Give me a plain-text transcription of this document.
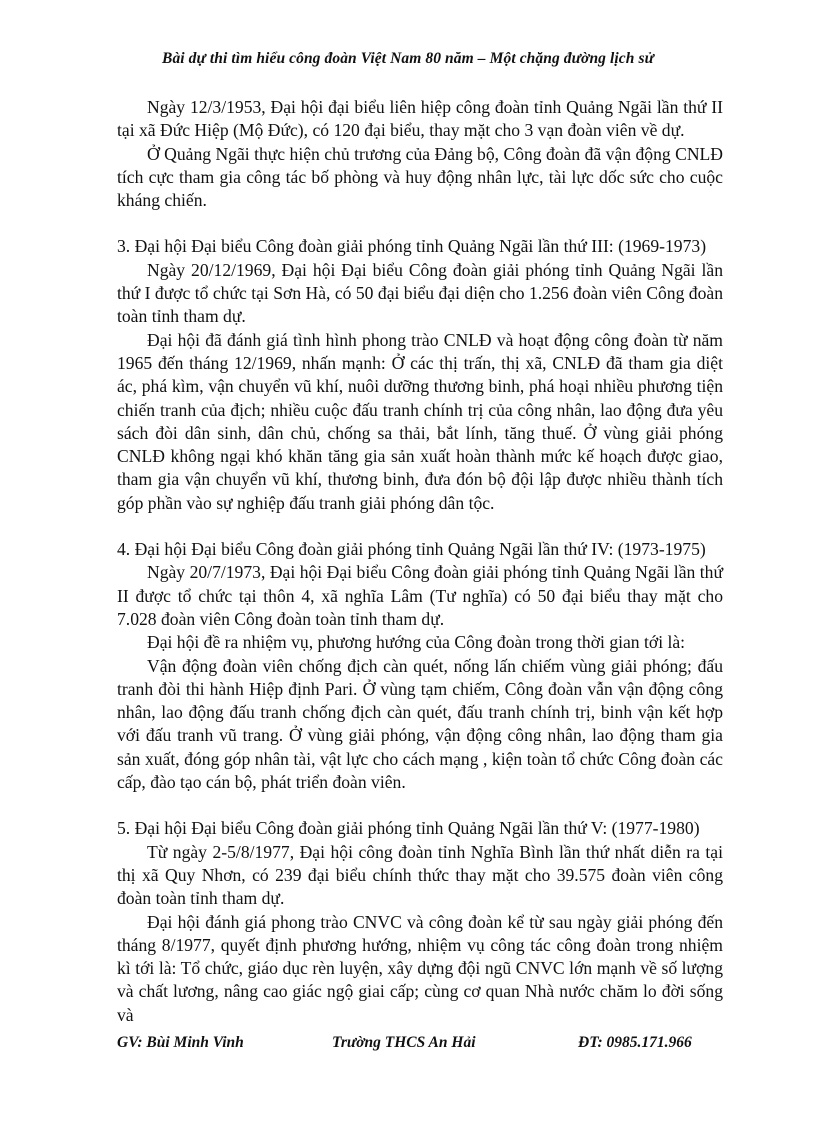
Bài dự thi tìm hiểu công đoàn Việt Nam 80 năm – Một chặng đường lịch sử

Ngày 12/3/1953, Đại hội đại biểu liên hiệp công đoàn tỉnh Quảng Ngãi lần thứ II tại xã Đức Hiệp (Mộ Đức), có 120 đại biểu, thay mặt cho 3 vạn đoàn viên về dự.

Ở Quảng Ngãi thực hiện chủ trương của Đảng bộ, Công đoàn đã vận động CNLĐ tích cực tham gia công tác bố phòng và huy động nhân lực, tài lực dốc sức cho cuộc kháng chiến.

3. Đại hội Đại biểu Công đoàn giải phóng tỉnh Quảng Ngãi lần thứ III: (1969-1973)

Ngày 20/12/1969, Đại hội Đại biểu Công đoàn giải phóng tỉnh Quảng Ngãi lần thứ I được tổ chức tại Sơn Hà, có 50 đại biểu đại diện cho 1.256 đoàn viên Công đoàn toàn tỉnh tham dự.

Đại hội đã đánh giá tình hình phong trào CNLĐ và hoạt động công đoàn từ năm 1965 đến tháng 12/1969, nhấn mạnh: Ở các thị trấn, thị xã, CNLĐ đã tham gia diệt ác, phá kìm, vận chuyển vũ khí, nuôi dưỡng thương binh, phá hoại nhiều phương tiện chiến tranh của địch; nhiều cuộc đấu tranh chính trị của công nhân, lao động đưa yêu sách đòi dân sinh, dân chủ, chống sa thải, bắt lính, tăng thuế. Ở vùng giải phóng CNLĐ không ngại khó khăn tăng gia sản xuất hoàn thành mức kế hoạch được giao, tham gia vận chuyển vũ khí, thương binh, đưa đón bộ đội lập được nhiều thành tích góp phần vào sự nghiệp đấu tranh giải phóng dân tộc.

4. Đại hội Đại biểu Công đoàn giải phóng tỉnh Quảng Ngãi lần thứ IV: (1973-1975)

Ngày 20/7/1973, Đại hội Đại biểu Công đoàn giải phóng tỉnh Quảng Ngãi lần thứ II được tổ chức tại thôn 4, xã nghĩa Lâm (Tư nghĩa) có 50 đại biểu thay mặt cho 7.028 đoàn viên Công đoàn toàn tỉnh tham dự.

Đại hội đề ra nhiệm vụ, phương hướng của Công đoàn trong thời gian tới là:

Vận động đoàn viên chống địch càn quét, nống lấn chiếm vùng giải phóng; đấu tranh đòi thi hành Hiệp định Pari. Ở vùng tạm chiếm, Công đoàn vẫn vận động công nhân, lao động đấu tranh chống địch càn quét, đấu tranh chính trị, binh vận kết hợp với đấu tranh vũ trang. Ở vùng giải phóng, vận động công nhân, lao động tham gia sản xuất, đóng góp nhân tài, vật lực cho cách mạng , kiện toàn tổ chức Công đoàn các cấp, đào tạo cán bộ, phát triển đoàn viên.

5. Đại hội Đại biểu Công đoàn giải phóng tỉnh Quảng Ngãi lần thứ V: (1977-1980)

Từ ngày 2-5/8/1977, Đại hội công đoàn tỉnh Nghĩa Bình lần thứ nhất diễn ra tại thị xã Quy Nhơn, có 239 đại biểu chính thức thay mặt cho 39.575 đoàn viên công đoàn toàn tỉnh tham dự.

Đại hội đánh giá phong trào CNVC và công đoàn kể từ sau ngày giải phóng đến tháng 8/1977, quyết định phương hướng, nhiệm vụ công tác công đoàn trong nhiệm kì tới là: Tổ chức, giáo dục rèn luyện, xây dựng đội ngũ CNVC lớn mạnh về số lượng và chất lương, nâng cao giác ngộ giai cấp; cùng cơ quan Nhà nước chăm lo đời sống và

GV: Bùi Minh Vinh	Trường THCS An Hải	ĐT: 0985.171.966
